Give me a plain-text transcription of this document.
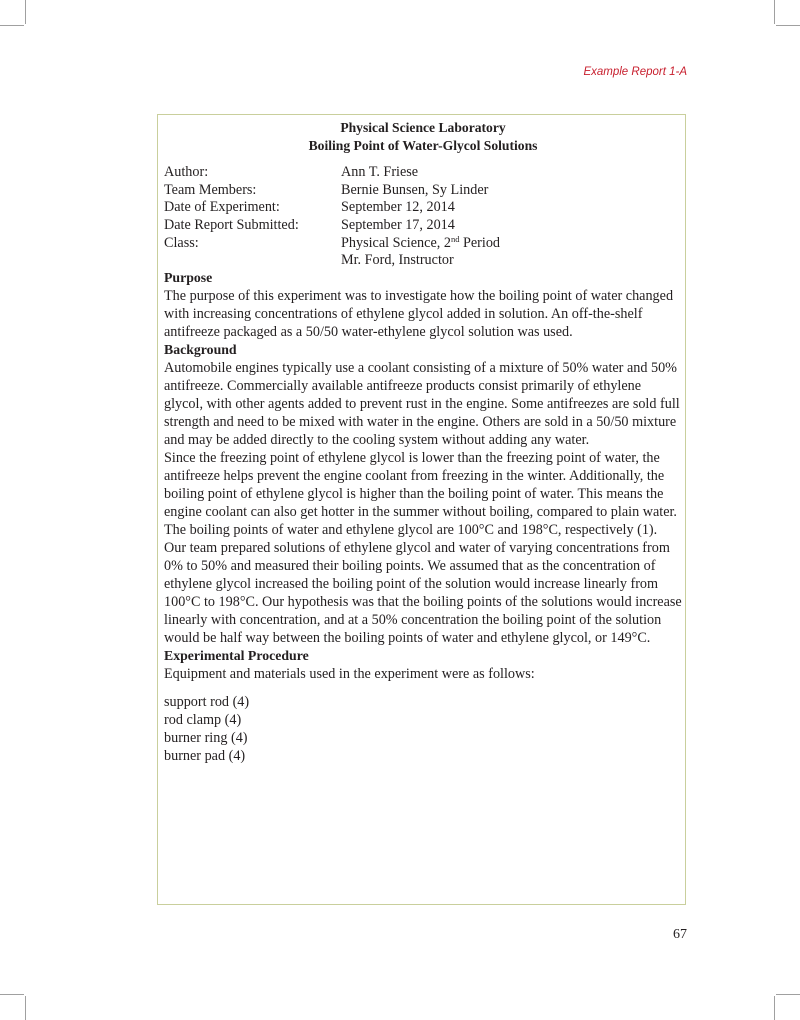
Example Report 1-A

Physical Science Laboratory

Boiling Point of Water-Glycol Solutions

Author:	Ann T. Friese
Team Members:	Bernie Bunsen, Sy Linder
Date of Experiment:	September 12, 2014
Date Report Submitted:	September 17, 2014
Class:	Physical Science, 2nd Period
Mr. Ford, Instructor

Purpose

The purpose of this experiment was to investigate how the boiling point of water changed with increasing concentrations of ethylene glycol added in solution. An off-the-shelf antifreeze packaged as a 50/50 water-ethylene glycol solution was used.

Background

Automobile engines typically use a coolant consisting of a mixture of 50% water and 50% antifreeze. Commercially available antifreeze products consist primarily of ethylene glycol, with other agents added to prevent rust in the engine. Some antifreezes are sold full strength and need to be mixed with water in the engine. Others are sold in a 50/50 mixture and may be added directly to the cooling system without adding any water.

Since the freezing point of ethylene glycol is lower than the freezing point of water, the antifreeze helps prevent the engine coolant from freezing in the winter. Additionally, the boiling point of ethylene glycol is higher than the boiling point of water. This means the engine coolant can also get hotter in the summer without boiling, compared to plain water.

The boiling points of water and ethylene glycol are 100°C and 198°C, respectively (1). Our team prepared solutions of ethylene glycol and water of varying concentrations from 0% to 50% and measured their boiling points. We assumed that as the concentration of ethylene glycol increased the boiling point of the solution would increase linearly from 100°C to 198°C. Our hypothesis was that the boiling points of the solutions would increase linearly with concentration, and at a 50% concentration the boiling point of the solution would be half way between the boiling points of water and ethylene glycol, or 149°C.

Experimental Procedure

Equipment and materials used in the experiment were as follows:

support rod (4)
rod clamp (4)
burner ring (4)
burner pad (4)
67
